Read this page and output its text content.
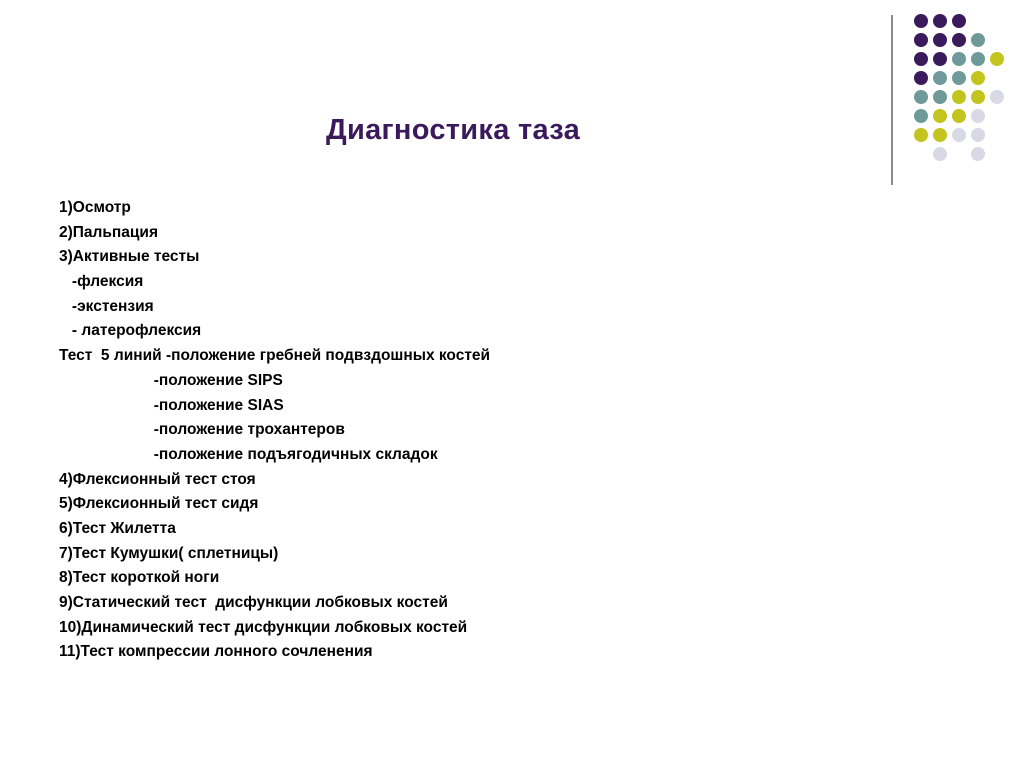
Диагностика таза
1)Осмотр
2)Пальпация
3)Активные тесты
-флексия
-экстензия
- латерофлексия
Тест  5 линий -положение гребней подвздошных костей
-положение SIPS
-положение SIAS
-положение трохантеров
-положение подъягодичных складок
4)Флексионный тест стоя
5)Флексионный тест сидя
6)Тест Жилетта
7)Тест Кумушки( сплетницы)
8)Тест короткой ноги
9)Статический тест  дисфункции лобковых костей
10)Динамический тест дисфункции лобковых костей
11)Тест компрессии лонного сочленения
